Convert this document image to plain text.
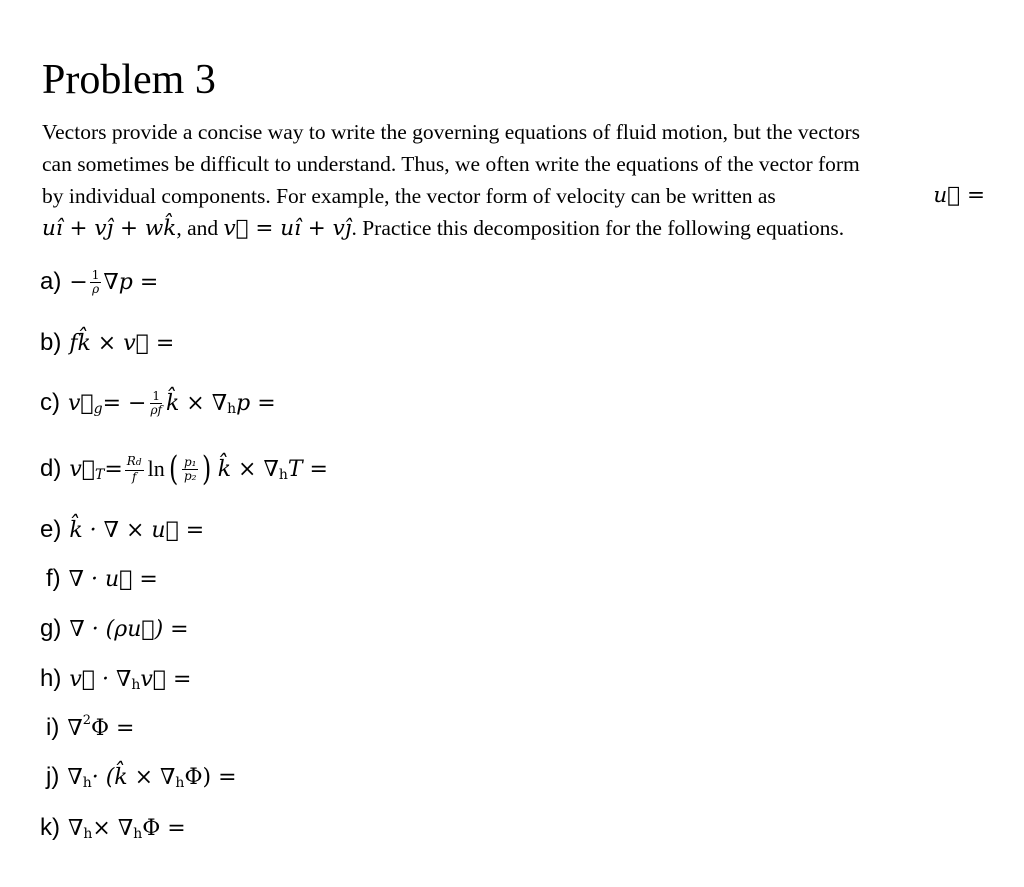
Problem 3
Vectors provide a concise way to write the governing equations of fluid motion, but the vectors
can sometimes be difficult to understand. Thus, we often write the equations of the vector form
by individual components. For example, the vector form of velocity can be written as	u⃗ =
uî + vĵ + wk̂, and v⃗ = uî + vĵ. Practice this decomposition for the following equations.
$a) - \frac{1}{\rho} \nabla p$ =
b) fk̂ × v⃗ =
c) v⃗ g = − $\frac{1}{\rho f}$ k̂ × ∇ h p =
d) v⃗ $T = \frac{Rd}{f}$ ln ( $\frac{\text{p₁}}{\text{p₂}}$ ) k̂ × ∇ h T =
e) k̂ · ∇ × u⃗ =
f) ∇ · u⃗ =
g) ∇ · (ρu⃗) =
h) v⃗ · ∇ h v⃗ =
i) ∇ 2 Φ =
j) ∇ h · (k̂ × ∇ h Φ) =
k) ∇ h × ∇ h Φ =
